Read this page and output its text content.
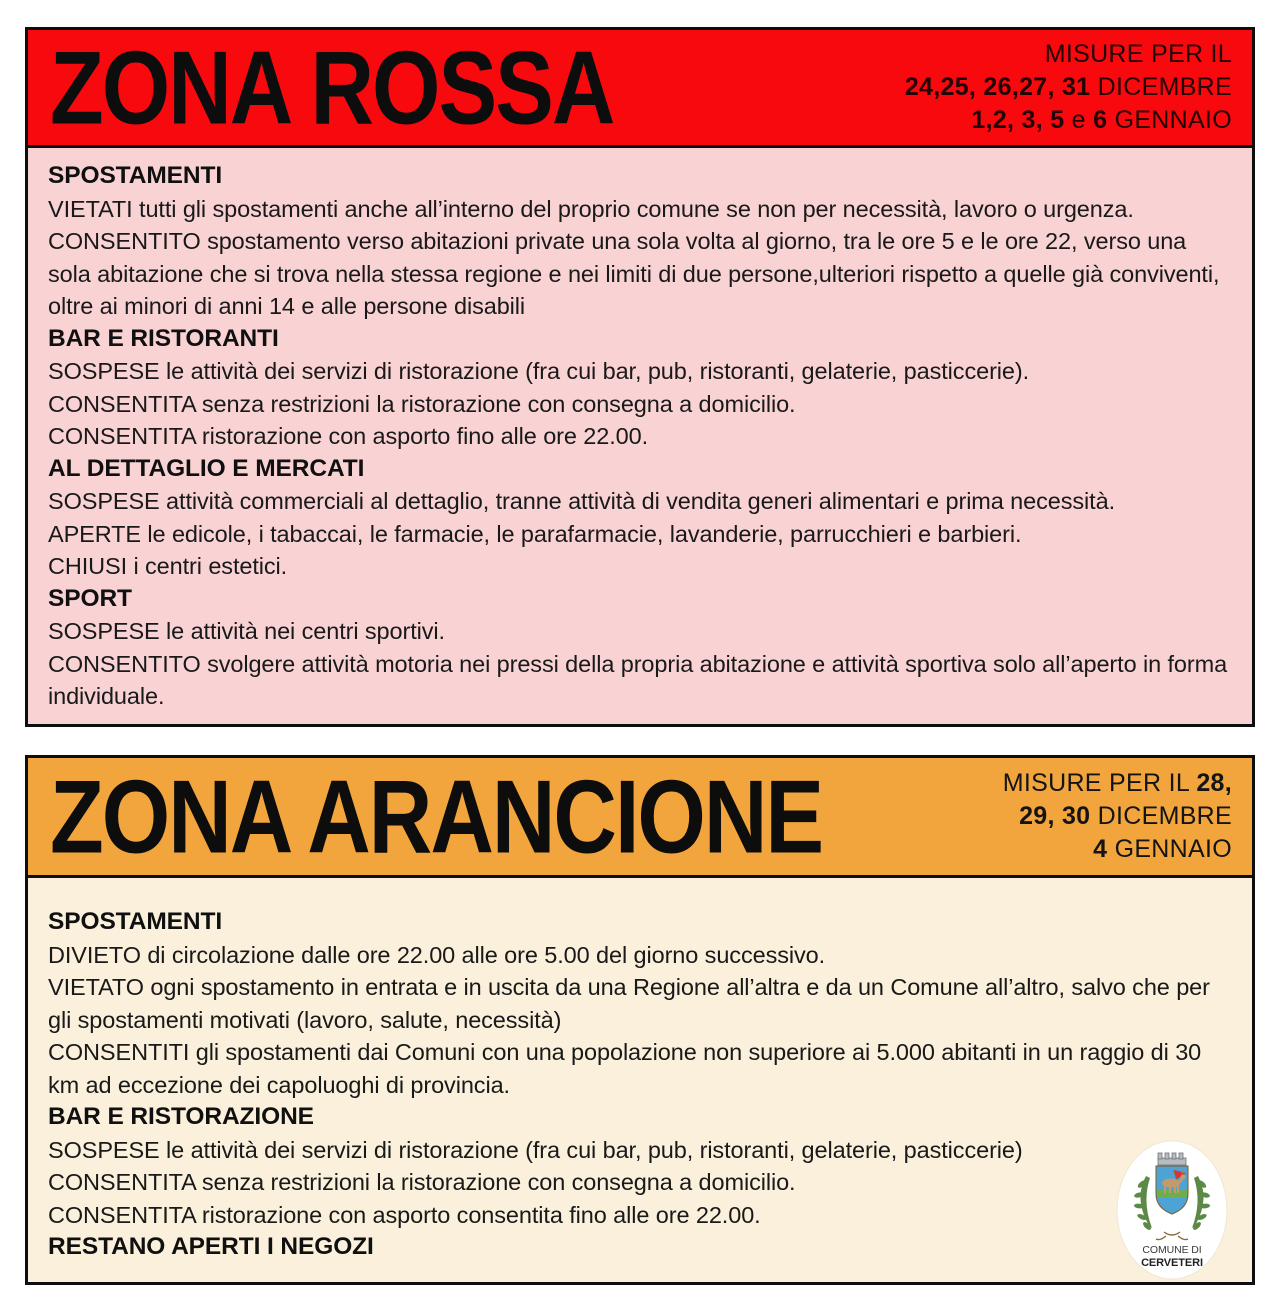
ZONA ROSSA	MISURE PER IL
24,25, 26,27, 31 DICEMBRE
1,2, 3, 5 e 6 GENNAIO
SPOSTAMENTI
VIETATI tutti gli spostamenti anche all’interno del proprio comune se non per necessità, lavoro o urgenza.
CONSENTITO spostamento verso abitazioni private una sola volta al giorno, tra le ore 5 e le ore 22, verso una sola abitazione che si trova nella stessa regione e nei limiti di due persone,ulteriori rispetto a quelle già conviventi, oltre ai minori di anni 14 e alle persone disabili
BAR E RISTORANTI
SOSPESE le attività dei servizi di ristorazione (fra cui bar, pub, ristoranti, gelaterie, pasticcerie).
CONSENTITA senza restrizioni la ristorazione con consegna a domicilio.
CONSENTITA ristorazione con asporto fino alle ore 22.00.
AL DETTAGLIO E MERCATI
SOSPESE attività commerciali al dettaglio, tranne attività di vendita generi alimentari e prima necessità.
APERTE le edicole, i tabaccai, le farmacie, le parafarmacie, lavanderie, parrucchieri e barbieri.
CHIUSI i centri estetici.
SPORT
SOSPESE le attività nei centri sportivi.
CONSENTITO svolgere attività motoria nei pressi della propria abitazione e attività sportiva solo all’aperto in forma individuale.
ZONA ARANCIONE	MISURE PER IL 28,
29, 30 DICEMBRE
4 GENNAIO
COMUNE DI
CERVETERI
SPOSTAMENTI
DIVIETO di circolazione dalle ore 22.00 alle ore 5.00 del giorno successivo.
VIETATO ogni spostamento in entrata e in uscita da una Regione all’altra e da un Comune all’altro, salvo che per gli spostamenti motivati (lavoro, salute, necessità)
CONSENTITI gli spostamenti dai Comuni con una popolazione non superiore ai 5.000 abitanti in un raggio di 30 km ad eccezione dei capoluoghi di provincia.
BAR E RISTORAZIONE
SOSPESE le attività dei servizi di ristorazione (fra cui bar, pub, ristoranti, gelaterie, pasticcerie)
CONSENTITA senza restrizioni la ristorazione con consegna a domicilio.
CONSENTITA ristorazione con asporto consentita fino alle ore 22.00.
RESTANO APERTI I NEGOZI
